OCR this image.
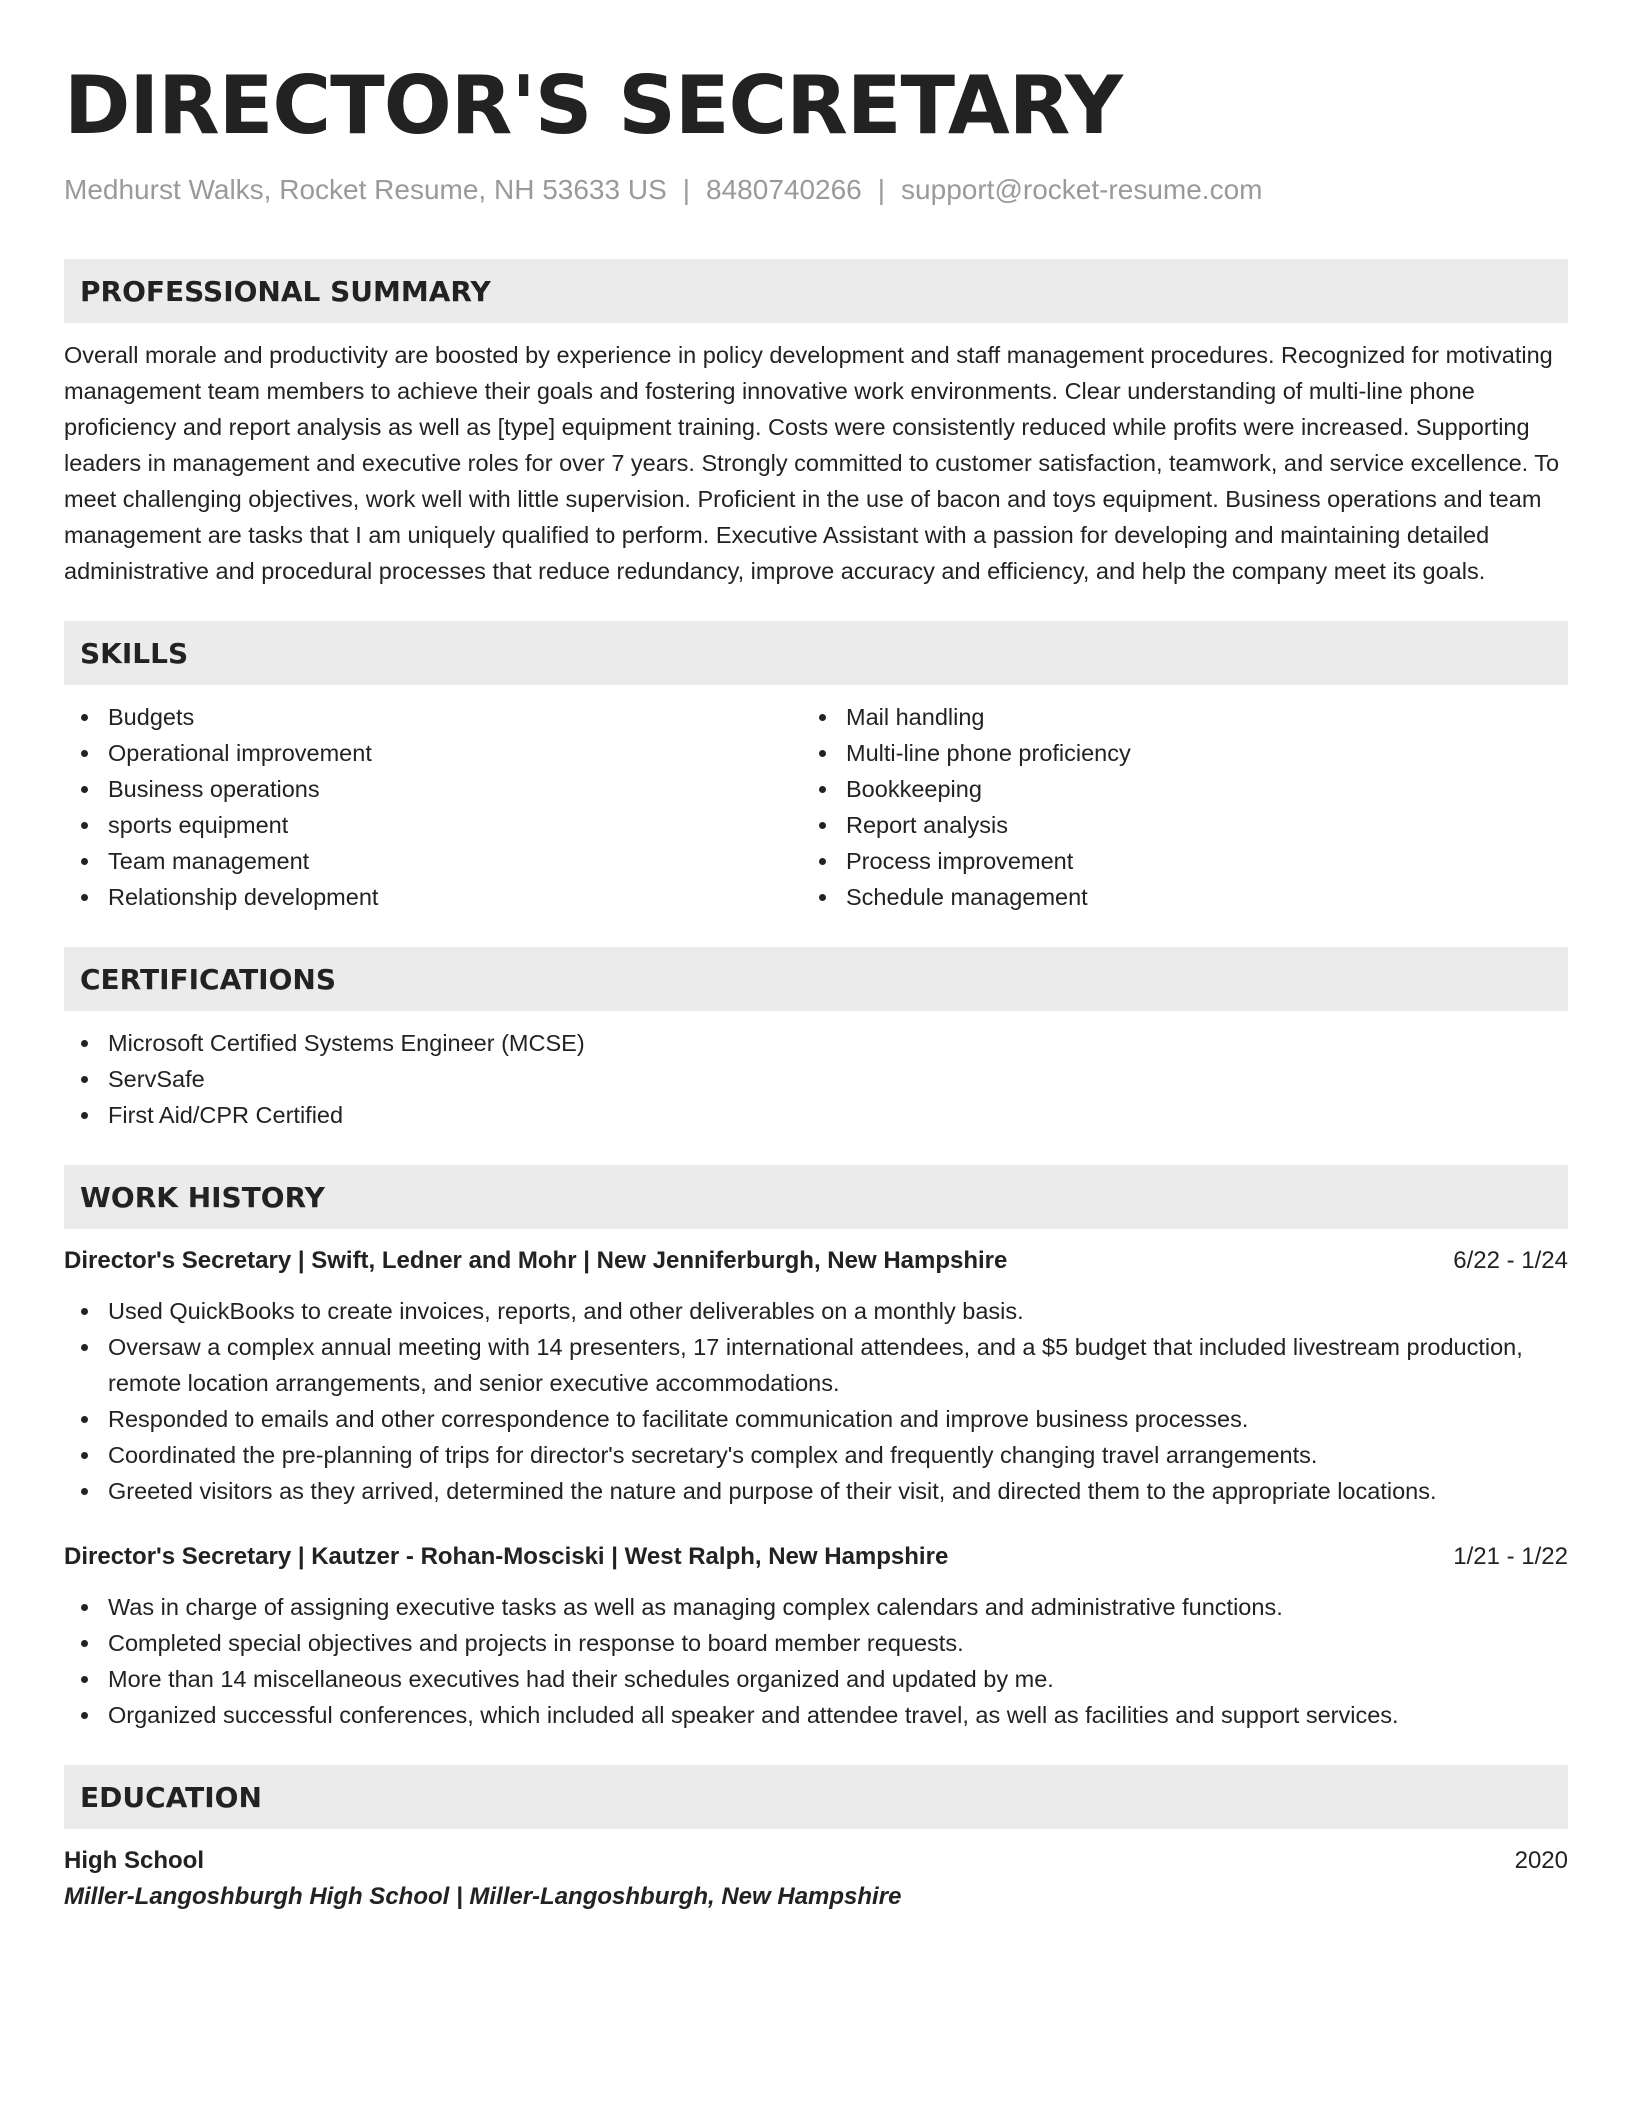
DIRECTOR'S SECRETARY
Medhurst Walks, Rocket Resume, NH 53633 US | 8480740266 | support@rocket-resume.com
PROFESSIONAL SUMMARY

Overall morale and productivity are boosted by experience in policy development and staff management procedures. Recognized for motivating management team members to achieve their goals and fostering innovative work environments. Clear understanding of multi-line phone proficiency and report analysis as well as [type] equipment training. Costs were consistently reduced while profits were increased. Supporting leaders in management and executive roles for over 7 years. Strongly committed to customer satisfaction, teamwork, and service excellence. To meet challenging objectives, work well with little supervision. Proficient in the use of bacon and toys equipment. Business operations and team management are tasks that I am uniquely qualified to perform. Executive Assistant with a passion for developing and maintaining detailed administrative and procedural processes that reduce redundancy, improve accuracy and efficiency, and help the company meet its goals.

SKILLS
Budgets
Operational improvement
Business operations
sports equipment
Team management
Relationship development
Mail handling
Multi-line phone proficiency
Bookkeeping
Report analysis
Process improvement
Schedule management
CERTIFICATIONS
Microsoft Certified Systems Engineer (MCSE)
ServSafe
First Aid/CPR Certified
WORK HISTORY
Director's Secretary | Swift, Ledner and Mohr | New Jenniferburgh, New Hampshire	6/22 - 1/24
Used QuickBooks to create invoices, reports, and other deliverables on a monthly basis.
Oversaw a complex annual meeting with 14 presenters, 17 international attendees, and a $5 budget that included livestream production, remote location arrangements, and senior executive accommodations.
Responded to emails and other correspondence to facilitate communication and improve business processes.
Coordinated the pre-planning of trips for director's secretary's complex and frequently changing travel arrangements.
Greeted visitors as they arrived, determined the nature and purpose of their visit, and directed them to the appropriate locations.
Director's Secretary | Kautzer - Rohan-Mosciski | West Ralph, New Hampshire	1/21 - 1/22
Was in charge of assigning executive tasks as well as managing complex calendars and administrative functions.
Completed special objectives and projects in response to board member requests.
More than 14 miscellaneous executives had their schedules organized and updated by me.
Organized successful conferences, which included all speaker and attendee travel, as well as facilities and support services.
EDUCATION
High School	2020
Miller-Langoshburgh High School | Miller-Langoshburgh, New Hampshire
